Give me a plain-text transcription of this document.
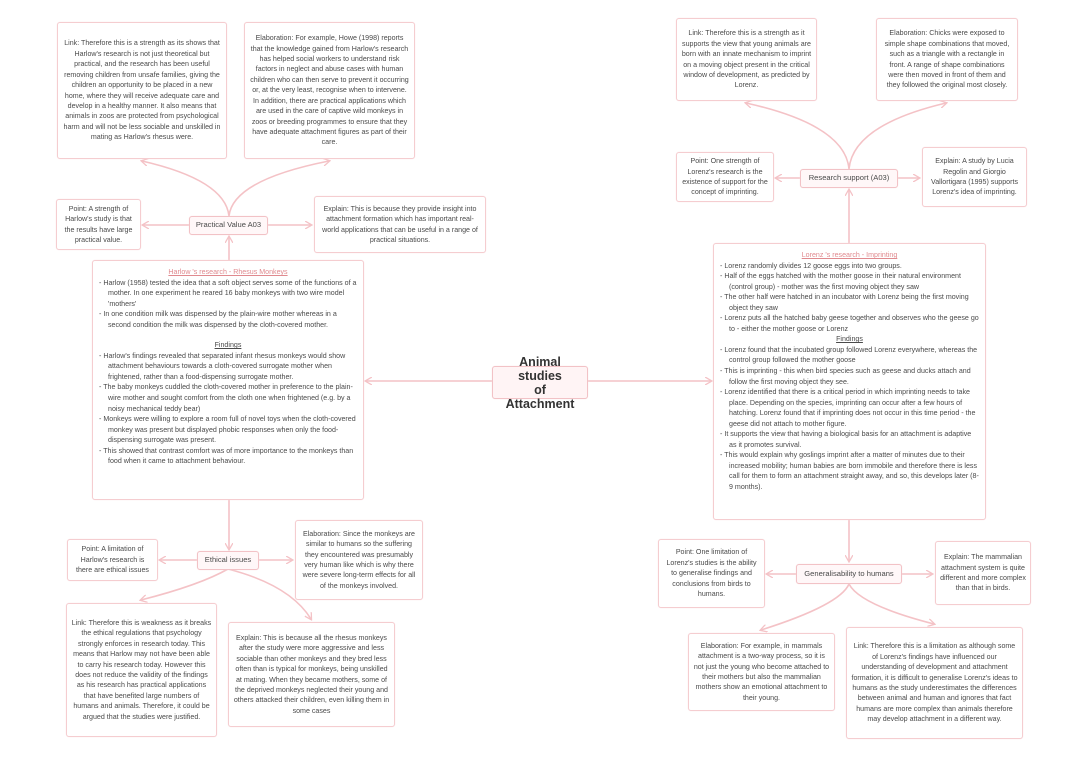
Animal studies
of Attachment

Harlow 's research - Rhesus Monkeys
- Harlow (1958) tested the idea that a soft object serves some of the functions of a mother. In one experiment he reared 16 baby monkeys with two wire model 'mothers'
- In one condition milk was dispensed by the plain-wire mother whereas in a second condition the milk was dispensed by the cloth-covered mother.
Findings
- Harlow's findings revealed that separated infant rhesus monkeys would show attachment behaviours towards a cloth-covered surrogate mother when frightened, rather than a food-dispensing surrogate mother.
- The baby monkeys cuddled the cloth-covered mother in preference to the plain-wire mother and sought comfort from the cloth one when frightened (e.g. by a noisy mechanical teddy bear)
- Monkeys were willing to explore a room full of novel toys when the cloth-covered monkey was present but displayed phobic responses when only the food-dispensing surrogate was present.
- This showed that contrast comfort was of more importance to the monkeys than food when it came to attachment behaviour.

Practical Value A03

Point: A strength of Harlow's study is that the results have large practical value.

Explain: This is because they provide insight into attachment formation which has important real-world applications that can be useful in a range of practical situations.

Link: Therefore this is a strength as its shows that Harlow's research is not just theoretical but practical, and the research has been useful removing children from unsafe families, giving the children an opportunity to be placed in a new home, where they will receive adequate care and develop in a healthy manner. It also means that animals in zoos are protected from psychological harm and will not be less sociable and unskilled in mating as Harlow's rhesus were.

Elaboration: For example, Howe (1998) reports that the knowledge gained from Harlow's research has helped social workers to understand risk factors in neglect and abuse cases with human children who can then serve to prevent it occurring or, at the very least, recognise when to intervene. In addition, there are practical applications which are used in the care of captive wild monkeys in zoos or breeding programmes to ensure that they have adequate attachment figures as part of their care.

Ethical issues

Point: A limitation of Harlow's research is there are ethical issues

Elaboration: Since the monkeys are similar to humans so the suffering they encountered was presumably very human like which is why there were severe long-term effects for all of the monkeys involved.

Link: Therefore this is weakness as it breaks the ethical regulations that psychology strongly enforces in research today. This means that Harlow may not have been able to carry his research today. However this does not reduce the validity of the findings as his research has practical applications that have benefited large numbers of humans and animals. Therefore, it could be argued that the studies were justified.

Explain: This is because all the rhesus monkeys after the study were more aggressive and less sociable than other monkeys and they bred less often than is typical for monkeys, being unskilled at mating. When they became mothers, some of the deprived monkeys neglected their young and others attacked their children, even killing them in some cases

Lorenz 's research - Imprinting
- Lorenz randomly divides 12 goose eggs into two groups.
- Half of the eggs hatched with the mother goose in their natural environment (control group) - mother was the first moving object they saw
- The other half were hatched in an incubator with Lorenz being the first moving object they saw
- Lorenz puts all the hatched baby geese together and observes who the geese go to - either the mother goose or Lorenz
Findings
- Lorenz found that the incubated group followed Lorenz everywhere, whereas the control group followed the mother goose
- This is imprinting - this when bird species such as geese and ducks attach and follow the first moving object they see.
- Lorenz identified that there is a critical period in which imprinting needs to take place. Depending on the species, imprinting can occur after a few hours of hatching. Lorenz found that if imprinting does not occur in this time period - the geese did not attach to mother figure.
- It supports the view that having a biological basis for an attachment is adaptive as it promotes survival.
- This would explain why goslings imprint after a matter of minutes due to their increased mobility; human babies are born immobile and therefore there is less call for them to form an attachment straight away, and so, this develops later (8-9 months).

Research support (A03)

Point: One strength of Lorenz's research is the existence of support for the concept of imprinting.

Explain: A study by Lucia Regolin and Giorgio Vallortigara (1995) supports Lorenz's idea of imprinting.

Link: Therefore this is a strength as it supports the view that young animals are born with an innate mechanism to imprint on a moving object present in the critical window of development, as predicted by Lorenz.

Elaboration: Chicks were exposed to simple shape combinations that moved, such as a triangle with a rectangle in front. A range of shape combinations were then moved in front of them and they followed the original most closely.

Generalisability to humans

Point: One limitation of Lorenz's studies is the ability to generalise findings and conclusions from birds to humans.

Explain: The mammalian attachment system is quite different and more complex than that in birds.

Elaboration: For example, in mammals attachment is a two-way process, so it is not just the young who become attached to their mothers but also the mammalian mothers show an emotional attachment to their young.

Link: Therefore this is a limitation as although some of Lorenz's findings have influenced our understanding of development and attachment formation, it is difficult to generalise Lorenz's ideas to humans as the study underestimates the differences between animal and human and ignores that fact humans are more complex than animals therefore may develop attachment in a different way.
